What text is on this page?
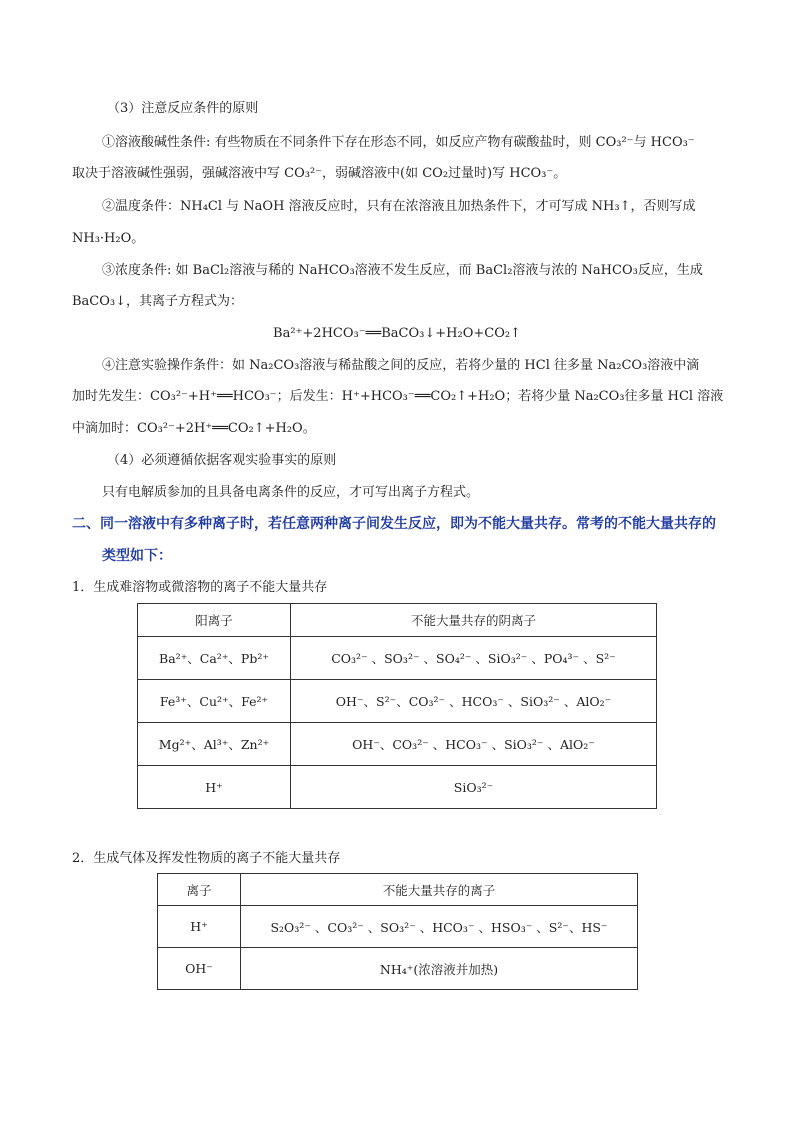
（3）注意反应条件的原则
①溶液酸碱性条件: 有些物质在不同条件下存在形态不同，如反应产物有碳酸盐时，则 CO₃²⁻与 HCO₃⁻
取决于溶液碱性强弱，强碱溶液中写 CO₃²⁻，弱碱溶液中(如 CO₂过量时)写 HCO₃⁻。
②温度条件：NH₄Cl 与 NaOH 溶液反应时，只有在浓溶液且加热条件下，才可写成 NH₃↑，否则写成
NH₃·H₂O。
③浓度条件: 如 BaCl₂溶液与稀的 NaHCO₃溶液不发生反应，而 BaCl₂溶液与浓的 NaHCO₃反应，生成
BaCO₃↓，其离子方程式为：
Ba²⁺+2HCO₃⁻══BaCO₃↓+H₂O+CO₂↑
④注意实验操作条件：如 Na₂CO₃溶液与稀盐酸之间的反应，若将少量的 HCl 往多量 Na₂CO₃溶液中滴
加时先发生：CO₃²⁻+H⁺══HCO₃⁻；后发生：H⁺+HCO₃⁻══CO₂↑+H₂O；若将少量 Na₂CO₃往多量 HCl 溶液
中滴加时：CO₃²⁻+2H⁺══CO₂↑+H₂O。
（4）必须遵循依据客观实验事实的原则
只有电解质参加的且具备电离条件的反应，才可写出离子方程式。
二、同一溶液中有多种离子时，若任意两种离子间发生反应，即为不能大量共存。常考的不能大量共存的
类型如下：
1．生成难溶物或微溶物的离子不能大量共存
阳离子	不能大量共存的阴离子
Ba²⁺、Ca²⁺、Pb²⁺	CO₃²⁻ 、SO₃²⁻ 、SO₄²⁻ 、SiO₃²⁻ 、PO₄³⁻ 、S²⁻
Fe³⁺、Cu²⁺、Fe²⁺	OH⁻、S²⁻、CO₃²⁻ 、HCO₃⁻ 、SiO₃²⁻ 、AlO₂⁻
Mg²⁺、Al³⁺、Zn²⁺	OH⁻、CO₃²⁻ 、HCO₃⁻ 、SiO₃²⁻ 、AlO₂⁻
H⁺	SiO₃²⁻
2．生成气体及挥发性物质的离子不能大量共存
离子	不能大量共存的离子
H⁺	S₂O₃²⁻ 、CO₃²⁻ 、SO₃²⁻ 、HCO₃⁻ 、HSO₃⁻ 、S²⁻、HS⁻
OH⁻	NH₄⁺(浓溶液并加热)
